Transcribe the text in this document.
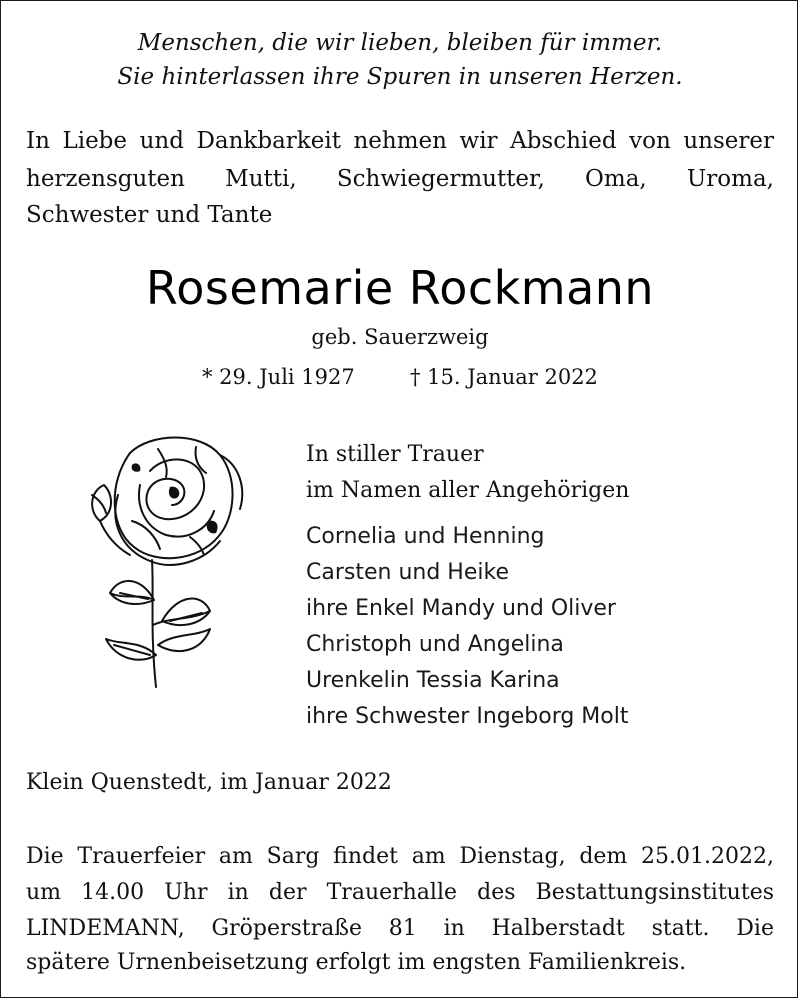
Menschen, die wir lieben, bleiben für immer.
Sie hinterlassen ihre Spuren in unseren Herzen.
In Liebe und Dankbarkeit nehmen wir Abschied von unserer
herzensguten Mutti, Schwiegermutter, Oma, Uroma,
Schwester und Tante
Rosemarie Rockmann
geb. Sauerzweig
* 29. Juli 1927	† 15. Januar 2022
In stiller Trauer
im Namen aller Angehörigen
Cornelia und Henning
Carsten und Heike
ihre Enkel Mandy und Oliver
Christoph und Angelina
Urenkelin Tessia Karina
ihre Schwester Ingeborg Molt
Klein Quenstedt, im Januar 2022
Die Trauerfeier am Sarg findet am Dienstag, dem 25.01.2022,
um 14.00 Uhr in der Trauerhalle des Bestattungsinstitutes
LINDEMANN, Gröperstraße 81 in Halberstadt statt. Die
spätere Urnenbeisetzung erfolgt im engsten Familienkreis.
